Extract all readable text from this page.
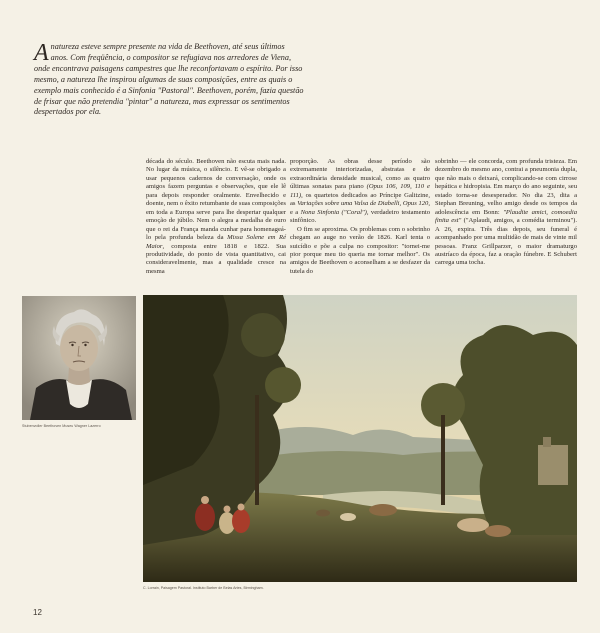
A natureza esteve sempre presente na vida de Beethoven, até seus últimos anos. Com freqüência, o compositor se refugiava nos arredores de Viena, onde encontrava paisagens campestres que lhe reconfortavam o espírito. Por isso mesmo, a natureza lhe inspirou algumas de suas composições, entre as quais o exemplo mais conhecido é a Sinfonia "Pastoral". Beethoven, porém, fazia questão de frisar que não pretendia "pintar" a natureza, mas expressar os sentimentos despertados por ela.

década do século. Beethoven não escuta mais nada. No lugar da música, o silêncio. E vê-se obrigado a usar pequenos cadernos de conversação, onde os amigos fazem perguntas e observações, que ele lê para depois responder oralmente. Envelhecido e doente, nem o êxito retumbante de suas composições em toda a Europa serve para lhe despertar qualquer emoção de júbilo. Nem o alegra a medalha de ouro que o rei da França manda cunhar para homenageá-lo pela profunda beleza da Missa Solene em Ré Maior, composta entre 1818 e 1822. Sua produtividade, do ponto de vista quantitativo, cai consideravelmente, mas a qualidade cresce na mesma

proporção. As obras desse período são extremamente interiorizadas, abstratas e de extraordinária densidade musical, como as quatro últimas sonatas para piano (Opus 106, 109, 110 e 111), os quartetos dedicados ao Príncipe Galitzine, as Variações sobre uma Valsa de Diabelli, Opus 120, e a Nona Sinfonia ("Coral"), verdadeiro testamento sinfônico.

O fim se aproxima. Os problemas com o sobrinho chegam ao auge no verão de 1826. Karl tenta o suicídio e põe a culpa no compositor: "tornei-me pior porque meu tio queria me tornar melhor". Os amigos de Beethoven o aconselham a se desfazer da tutela do

sobrinho — ele concorda, com profunda tristeza. Em dezembro do mesmo ano, contrai a pneumonia dupla, que não mais o deixará, complicando-se com cirrose hepática e hidropisia. Em março do ano seguinte, seu estado torna-se desesperador. No dia 23, dita a Stephan Breuning, velho amigo desde os tempos da adolescência em Bonn: "Plaudite amici, comoedia finita est" ("Aplaudi, amigos, a comédia terminou"). A 26, expira. Três dias depois, seu funeral é acompanhado por uma multidão de mais de vinte mil pessoas. Franz Grillparzer, o maior dramaturgo austríaco da época, faz a oração fúnebre. E Schubert carrega uma tocha.

Stubenvoller Beethoven Museu Wagner Lazerro
C. Lorrain, Paisagem Pastoral. Instituto Barber de Belas Artes, Birmingham.
12
